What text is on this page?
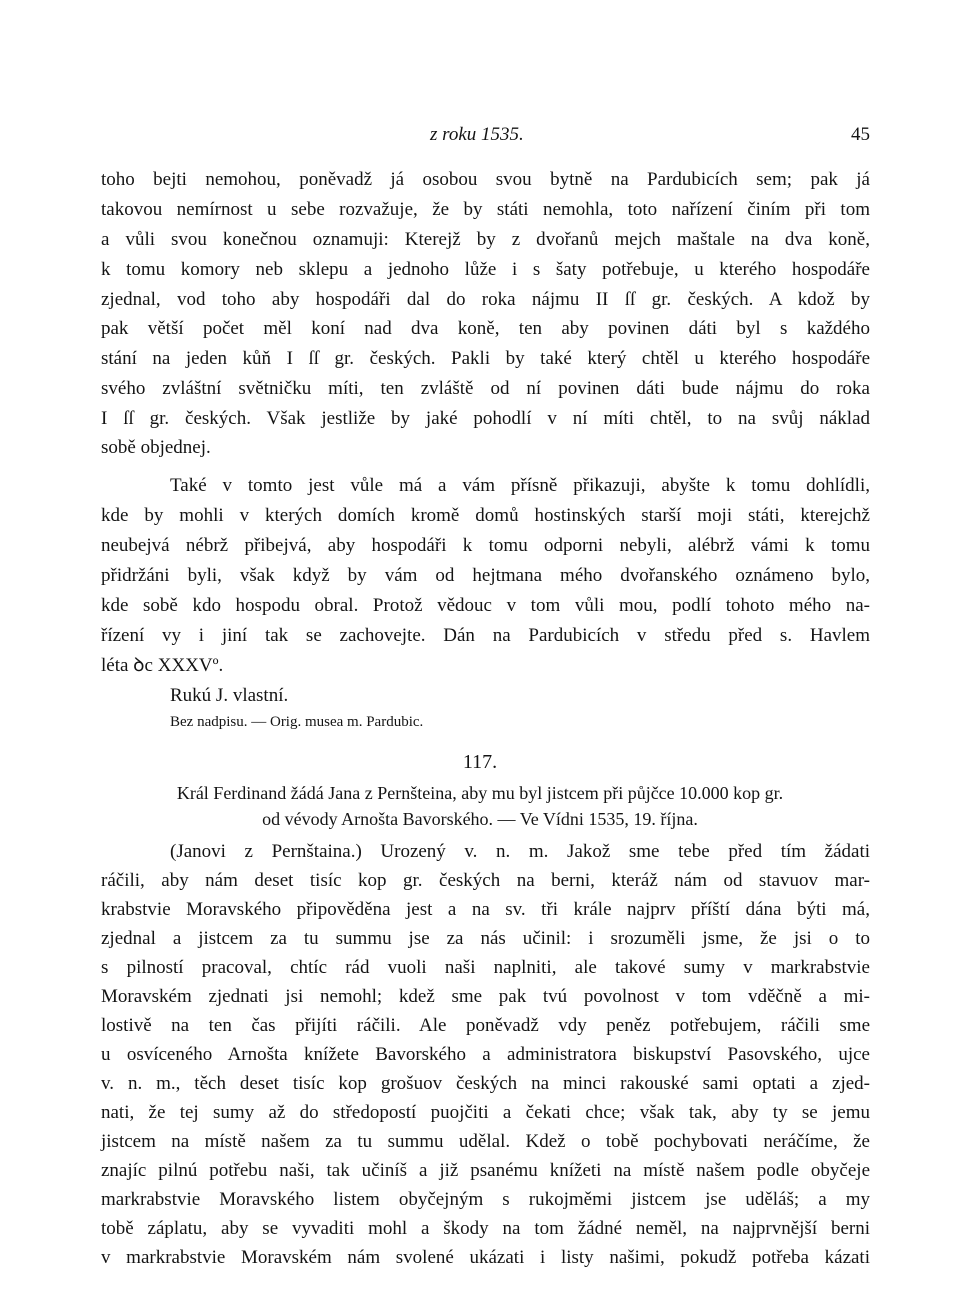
z roku 1535.	45
toho bejti nemohou, poněvadž já osobou svou bytně na Pardubicích sem; pak já
takovou nemírnost u sebe rozvažuje, že by státi nemohla, toto nařízení činím při tom
a vůli svou konečnou oznamuji: Kterejž by z dvořanů mejch maštale na dva koně,
k tomu komory neb sklepu a jednoho lůže i s šaty potřebuje, u kterého hospodáře
zjednal, vod toho aby hospodáři dal do roka nájmu II ſſ gr. českých. A kdož by
pak větší počet měl koní nad dva koně, ten aby povinen dáti byl s každého
stání na jeden kůň I ſſ gr. českých. Pakli by také který chtěl u kterého hospodáře
svého zvláštní světničku míti, ten zvláště od ní povinen dáti bude nájmu do roka
I ſſ gr. českých. Však jestliže by jaké pohodlí v ní míti chtěl, to na svůj náklad
sobě objednej.
Také v tomto jest vůle má a vám přísně přikazuji, abyšte k tomu dohlídli,
kde by mohli v kterých domích kromě domů hostinských starší moji státi, kterejchž
neubejvá nébrž přibejvá, aby hospodáři k tomu odporni nebyli, alébrž vámi k tomu
přidržáni byli, však když by vám od hejtmana mého dvořanského oznámeno bylo,
kde sobě kdo hospodu obral. Protož vědouc v tom vůli mou, podlí tohoto mého na-
řízení vy i jiní tak se zachovejte. Dán na Pardubicích v středu před s. Havlem
léta ꝺc XXXVº.
Rukú J. vlastní.
Bez nadpisu. — Orig. musea m. Pardubic.
117.
Král Ferdinand žádá Jana z Pernšteina, aby mu byl jistcem při půjčce 10.000 kop gr.
od vévody Arnošta Bavorského. — Ve Vídni 1535, 19. října.
(Janovi z Pernštaina.) Urozený v. n. m. Jakož sme tebe před tím žádati
ráčili, aby nám deset tisíc kop gr. českých na berni, kteráž nám od stavuov mar-
krabstvie Moravského připověděna jest a na sv. tři krále najprv příští dána býti má,
zjednal a jistcem za tu summu jse za nás učinil: i srozuměli jsme, že jsi o to
s pilností pracoval, chtíc rád vuoli naši naplniti, ale takové sumy v markrabstvie
Moravském zjednati jsi nemohl; kdež sme pak tvú povolnost v tom vděčně a mi-
lostivě na ten čas přijíti ráčili. Ale poněvadž vdy peněz potřebujem, ráčili sme
u osvíceného Arnošta knížete Bavorského a administratora biskupství Pasovského, ujce
v. n. m., těch deset tisíc kop grošuov českých na minci rakouské sami optati a zjed-
nati, že tej sumy až do středopostí puojčiti a čekati chce; však tak, aby ty se jemu
jistcem na místě našem za tu summu udělal. Kdež o tobě pochybovati neráčíme, že
znajíc pilnú potřebu naši, tak učiníš a již psanému knížeti na místě našem podle obyčeje
markrabstvie Moravského listem obyčejným s rukojměmi jistcem jse uděláš; a my
tobě záplatu, aby se vyvaditi mohl a škody na tom žádné neměl, na najprvnější berni
v markrabstvie Moravském nám svolené ukázati i listy našimi, pokudž potřeba kázati
